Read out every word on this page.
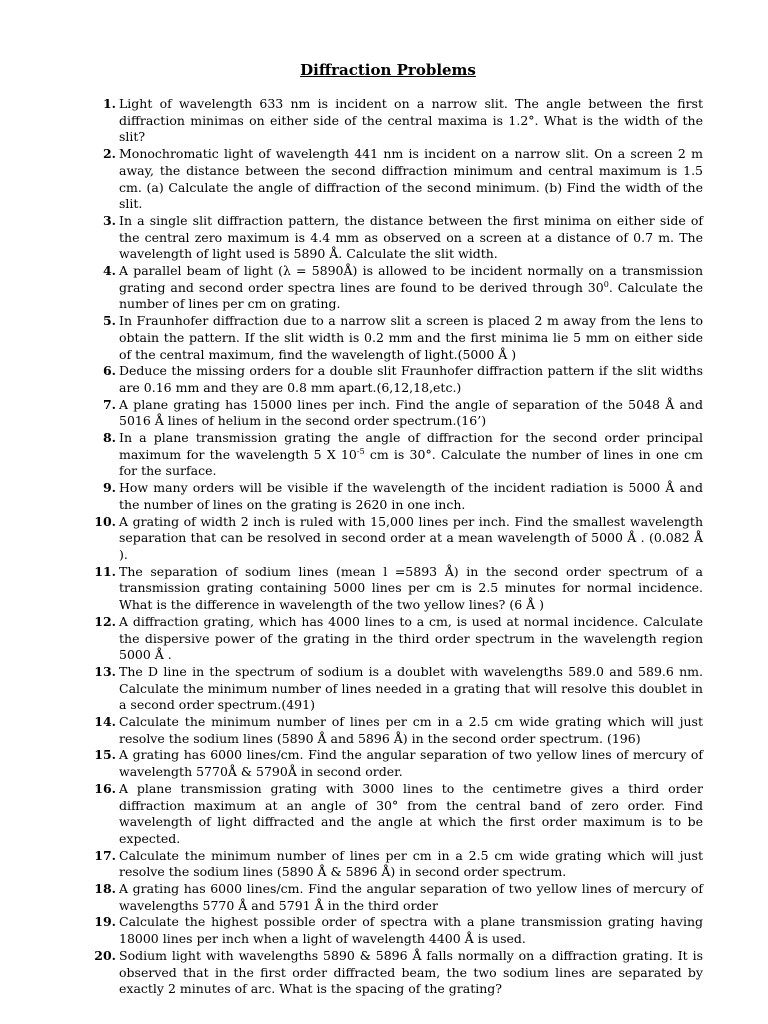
Diffraction Problems
1. Light of wavelength 633 nm is incident on a narrow slit. The angle between the first diffraction minimas on either side of the central maxima is 1.2°. What is the width of the slit?
2. Monochromatic light of wavelength 441 nm is incident on a narrow slit. On a screen 2 m away, the distance between the second diffraction minimum and central maximum is 1.5 cm. (a) Calculate the angle of diffraction of the second minimum. (b) Find the width of the slit.
3. In a single slit diffraction pattern, the distance between the first minima on either side of the central zero maximum is 4.4 mm as observed on a screen at a distance of 0.7 m. The wavelength of light used is 5890 Å. Calculate the slit width.
4. A parallel beam of light (λ = 5890Å) is allowed to be incident normally on a transmission grating and second order spectra lines are found to be derived through $30^0$. Calculate the number of lines per cm on grating.
5. In Fraunhofer diffraction due to a narrow slit a screen is placed 2 m away from the lens to obtain the pattern. If the slit width is 0.2 mm and the first minima lie 5 mm on either side of the central maximum, find the wavelength of light.(5000 Å )
6. Deduce the missing orders for a double slit Fraunhofer diffraction pattern if the slit widths are 0.16 mm and they are 0.8 mm apart.(6,12,18,etc.)
7. A plane grating has 15000 lines per inch. Find the angle of separation of the 5048 Å and 5016 Å lines of helium in the second order spectrum.(16’)
8. In a plane transmission grating the angle of diffraction for the second order principal maximum for the wavelength 5 X $10^{-5}$ cm is 30°. Calculate the number of lines in one cm for the surface.
9. How many orders will be visible if the wavelength of the incident radiation is 5000 Å and the number of lines on the grating is 2620 in one inch.
10. A grating of width 2 inch is ruled with 15,000 lines per inch. Find the smallest wavelength separation that can be resolved in second order at a mean wavelength of 5000 Å . (0.082 Å ).
11. The separation of sodium lines (mean l =5893 Å) in the second order spectrum of a transmission grating containing 5000 lines per cm is 2.5 minutes for normal incidence. What is the difference in wavelength of the two yellow lines? (6 Å )
12. A diffraction grating, which has 4000 lines to a cm, is used at normal incidence. Calculate the dispersive power of the grating in the third order spectrum in the wavelength region 5000 Å .
13. The D line in the spectrum of sodium is a doublet with wavelengths 589.0 and 589.6 nm. Calculate the minimum number of lines needed in a grating that will resolve this doublet in a second order spectrum.(491)
14. Calculate the minimum number of lines per cm in a 2.5 cm wide grating which will just resolve the sodium lines (5890 Å and 5896 Å) in the second order spectrum. (196)
15. A grating has 6000 lines/cm. Find the angular separation of two yellow lines of mercury of wavelength 5770Å & 5790Å in second order.
16. A plane transmission grating with 3000 lines to the centimetre gives a third order diffraction maximum at an angle of 30° from the central band of zero order. Find wavelength of light diffracted and the angle at which the first order maximum is to be expected.
17. Calculate the minimum number of lines per cm in a 2.5 cm wide grating which will just resolve the sodium lines (5890 Å & 5896 Å) in second order spectrum.
18. A grating has 6000 lines/cm. Find the angular separation of two yellow lines of mercury of wavelengths 5770 Å and 5791 Å in the third order
19. Calculate the highest possible order of spectra with a plane transmission grating having 18000 lines per inch when a light of wavelength 4400 Å is used.
20. Sodium light with wavelengths 5890 & 5896 Å falls normally on a diffraction grating. It is observed that in the first order diffracted beam, the two sodium lines are separated by exactly 2 minutes of arc. What is the spacing of the grating?
